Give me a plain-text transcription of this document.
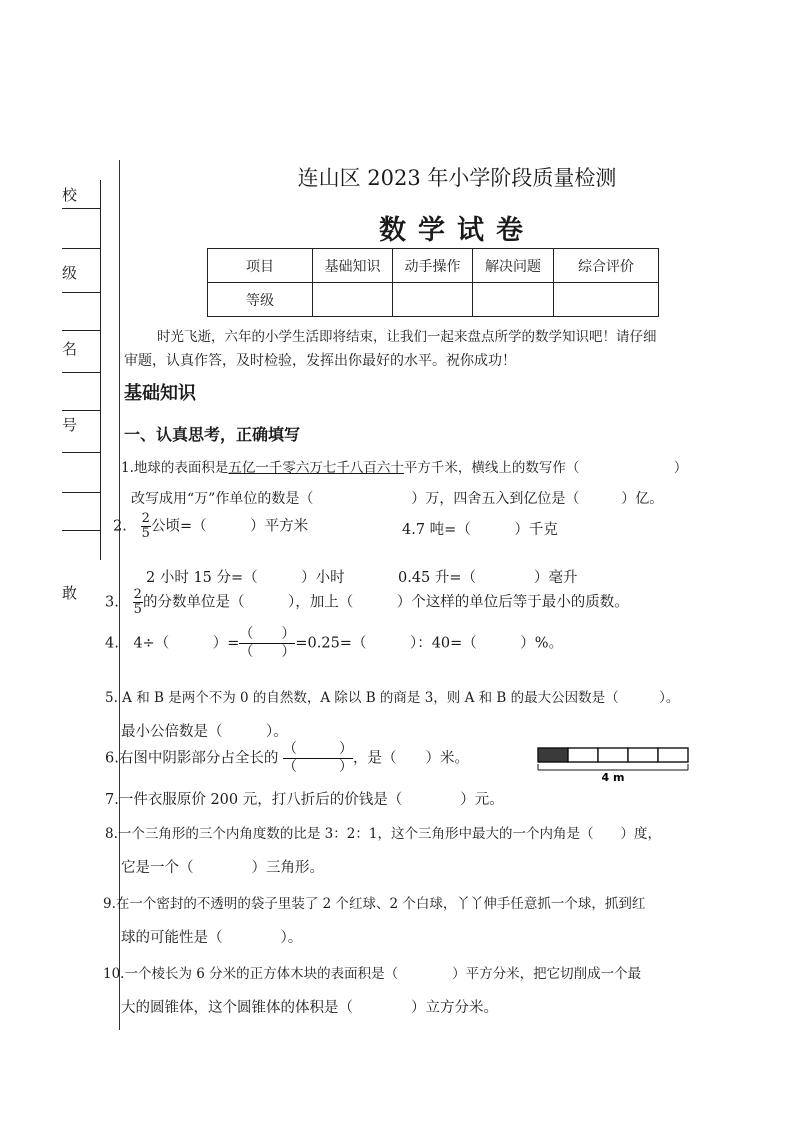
校
级
名
号
敢
连山区 2023 年小学阶段质量检测
数学试卷
项目	基础知识	动手操作	解决问题	综合评价
等级				
时光飞逝，六年的小学生活即将结束，让我们一起来盘点所学的数学知识吧！请仔细
审题，认真作答，及时检验，发挥出你最好的水平。祝你成功！
基础知识
一、认真思考，正确填写
1.地球的表面积是五亿一千零六万七千八百六十平方千米，横线上的数写作（　　　　　　　）
改写成用“万”作单位的数是（　　　　　　　）万，四舍五入到亿位是（　　　）亿。
2. $\frac{2}{5}$ 公顷=（　　　）平方米	4.7 吨=（　　　）千克
2 小时 15 分=（　　　）小时	0.45 升=（　　　　）毫升
3. $\frac{2}{5}$ 的分数单位是（　　　），加上（　　　）个这样的单位后等于最小的质数。
4.　4÷（　　　）=
（　　）
（　　）=0.25=（　　　）：40=（　　　）%。
5. A 和 B 是两个不为 0 的自然数，A 除以 B 的商是 3，则 A 和 B 的最大公因数是（　　　）。
最小公倍数是（　　　）。
6.右图中阴影部分占全长的
（　　　）
（　　　），是（　　）米。
4 m
7.一件衣服原价 200 元，打八折后的价钱是（　　　　）元。
8.一个三角形的三个内角度数的比是 3：2：1，这个三角形中最大的一个内角是（　　）度，
它是一个（　　　　）三角形。
9.在一个密封的不透明的袋子里装了 2 个红球、2 个白球，丫丫伸手任意抓一个球，抓到红
球的可能性是（　　　　）。
10.一个棱长为 6 分米的正方体木块的表面积是（　　　　）平方分米，把它切削成一个最
大的圆锥体，这个圆锥体的体积是（　　　　）立方分米。
